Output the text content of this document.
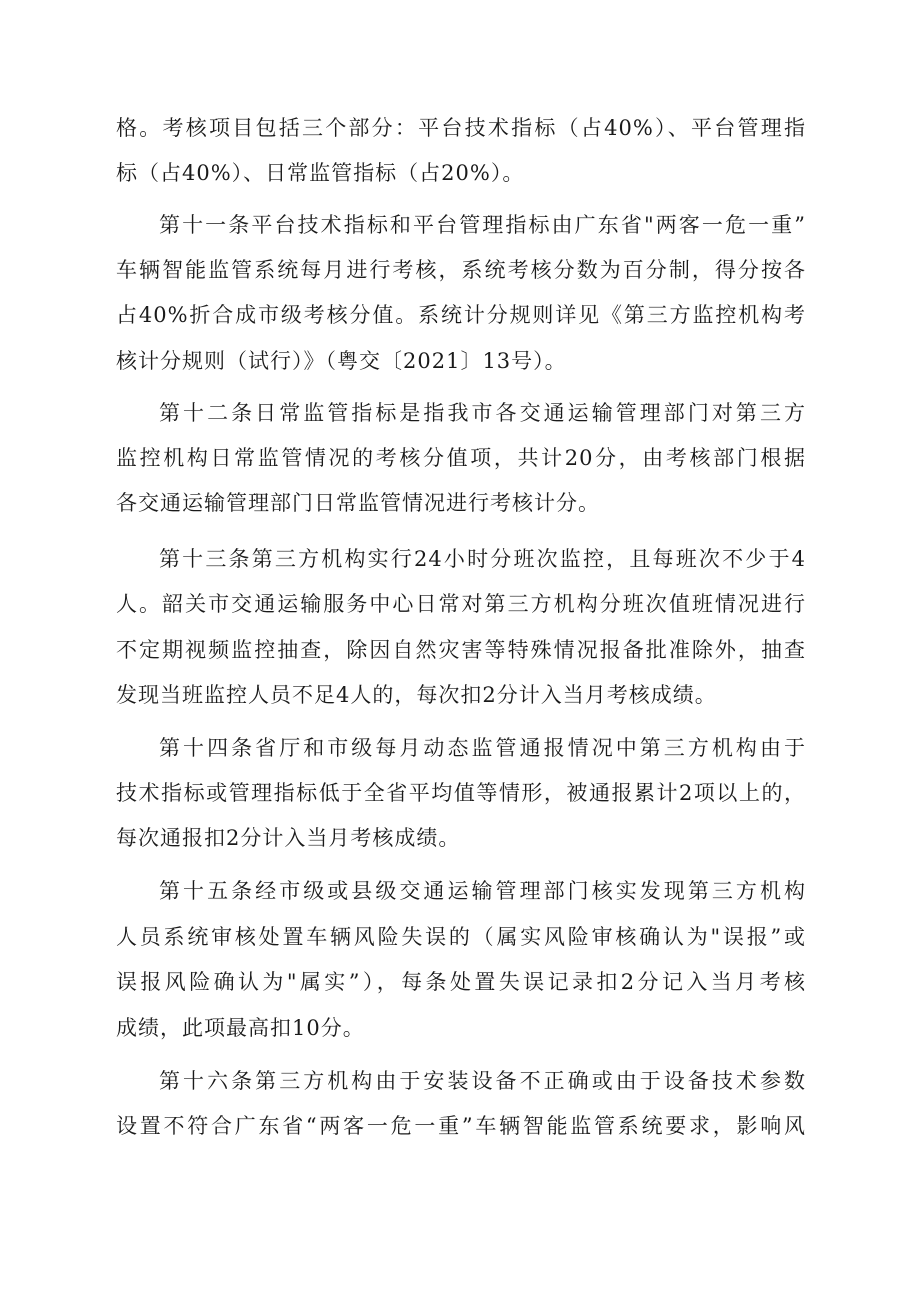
格。考核项目包括三个部分：平台技术指标（占40%）、平台管理指
标（占40%）、日常监管指标（占20%）。
第十一条平台技术指标和平台管理指标由广东省"两客一危一重”
车辆智能监管系统每月进行考核，系统考核分数为百分制，得分按各
占40%折合成市级考核分值。系统计分规则详见《第三方监控机构考
核计分规则（试行）》（粤交〔2021〕13号）。
第十二条日常监管指标是指我市各交通运输管理部门对第三方
监控机构日常监管情况的考核分值项，共计20分，由考核部门根据
各交通运输管理部门日常监管情况进行考核计分。
第十三条第三方机构实行24小时分班次监控，且每班次不少于4
人。韶关市交通运输服务中心日常对第三方机构分班次值班情况进行
不定期视频监控抽查，除因自然灾害等特殊情况报备批准除外，抽查
发现当班监控人员不足4人的，每次扣2分计入当月考核成绩。
第十四条省厅和市级每月动态监管通报情况中第三方机构由于
技术指标或管理指标低于全省平均值等情形，被通报累计2项以上的，
每次通报扣2分计入当月考核成绩。
第十五条经市级或县级交通运输管理部门核实发现第三方机构
人员系统审核处置车辆风险失误的（属实风险审核确认为"误报”或
误报风险确认为"属实”），每条处置失误记录扣2分记入当月考核
成绩，此项最高扣10分。
第十六条第三方机构由于安装设备不正确或由于设备技术参数
设置不符合广东省“两客一危一重”车辆智能监管系统要求，影响风
